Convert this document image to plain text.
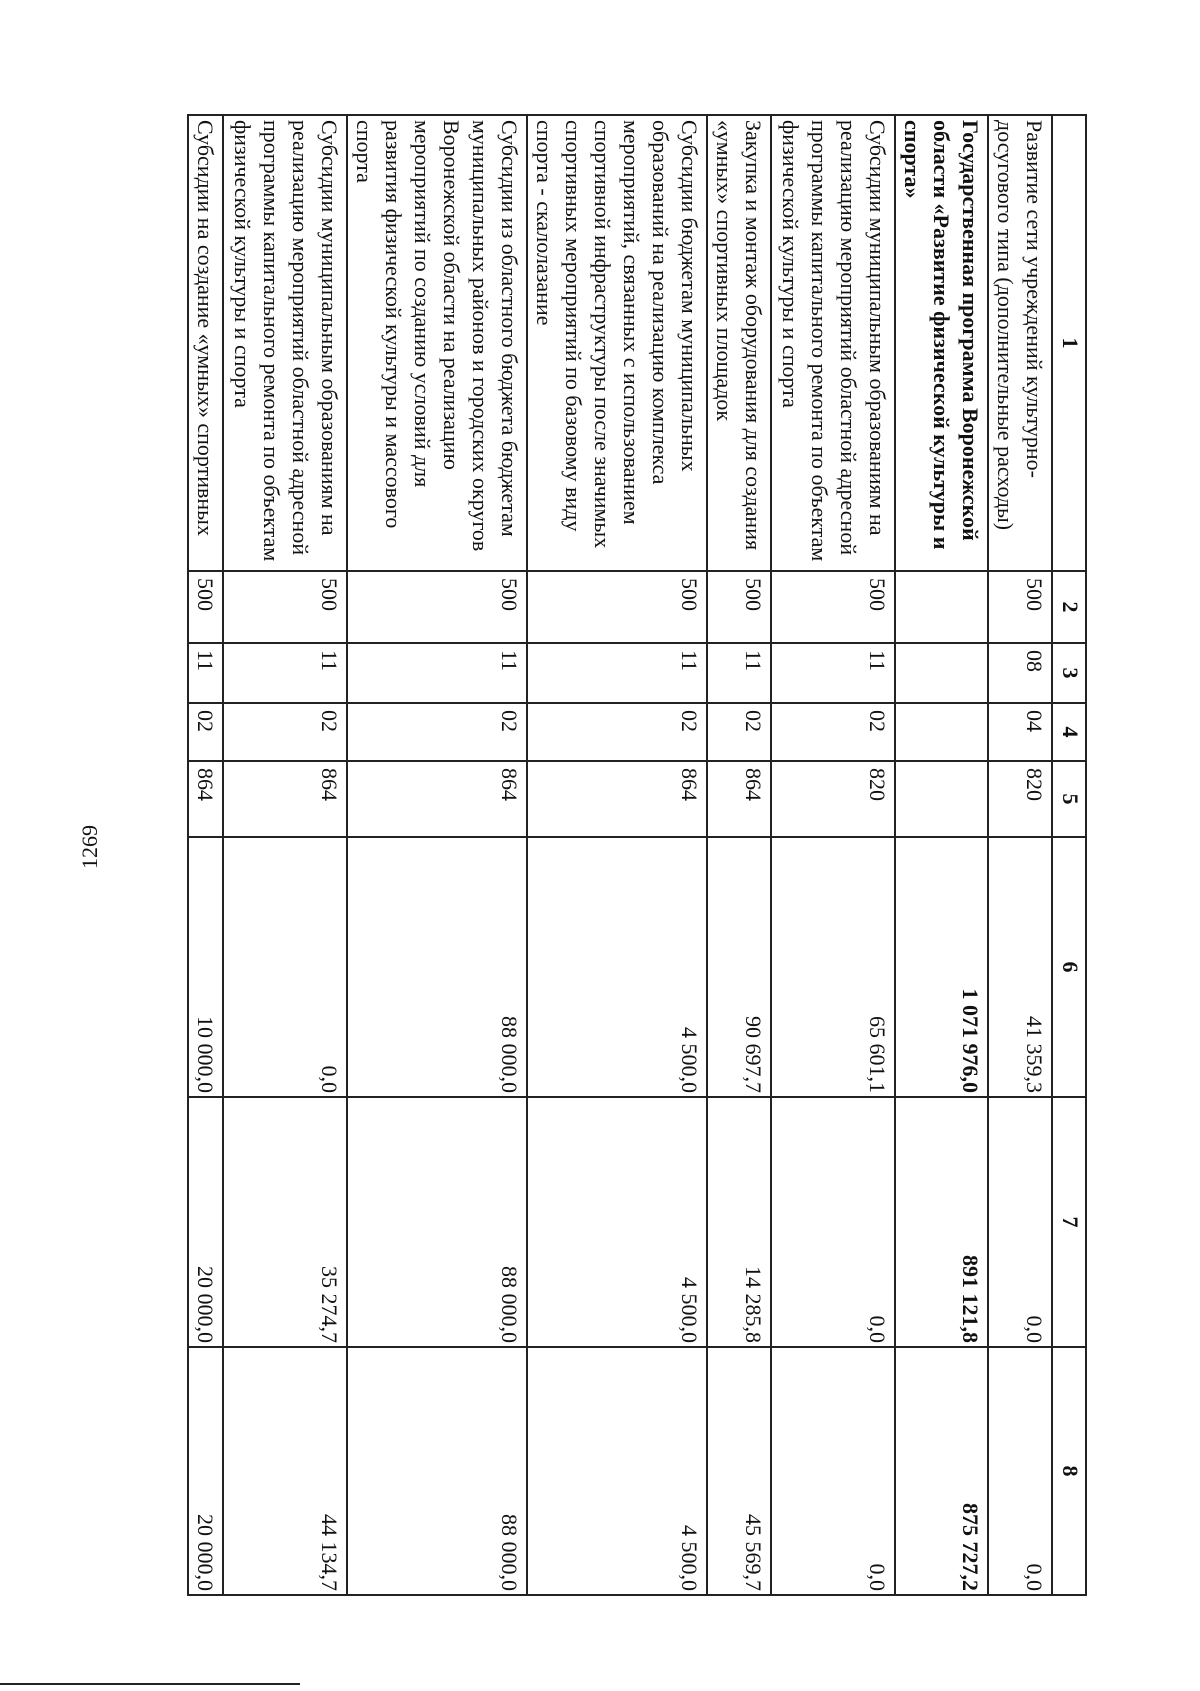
1269
1	2	3	4	5	6	7	8
Развитие сети учреждений культурно-досугового типа (дополнительные расходы)	500	08	04	820	41 359,3	0,0	0,0
Государственная программа Воронежской области «Развитие физической культуры и спорта»					1 071 976,0	891 121,8	875 727,2
Субсидии муниципальным образованиям на реализацию мероприятий областной адресной программы капитального ремонта по объектам физической культуры и спорта	500	11	02	820	65 601,1	0,0	0,0
Закупка и монтаж оборудования для создания «умных» спортивных площадок	500	11	02	864	90 697,7	14 285,8	45 569,7
Субсидии бюджетам муниципальных образований на реализацию комплекса мероприятий, связанных с использованием спортивной инфраструктуры после значимых спортивных мероприятий по базовому виду спорта - скалолазание	500	11	02	864	4 500,0	4 500,0	4 500,0
Субсидии из областного бюджета бюджетам муниципальных районов и городских округов Воронежской области на реализацию мероприятий по созданию условий для развития физической культуры и массового спорта	500	11	02	864	88 000,0	88 000,0	88 000,0
Субсидии муниципальным образованиям на реализацию мероприятий областной адресной программы капитального ремонта по объектам физической культуры и спорта	500	11	02	864	0,0	35 274,7	44 134,7
Субсидии на создание «умных» спортивных	500	11	02	864	10 000,0	20 000,0	20 000,0
